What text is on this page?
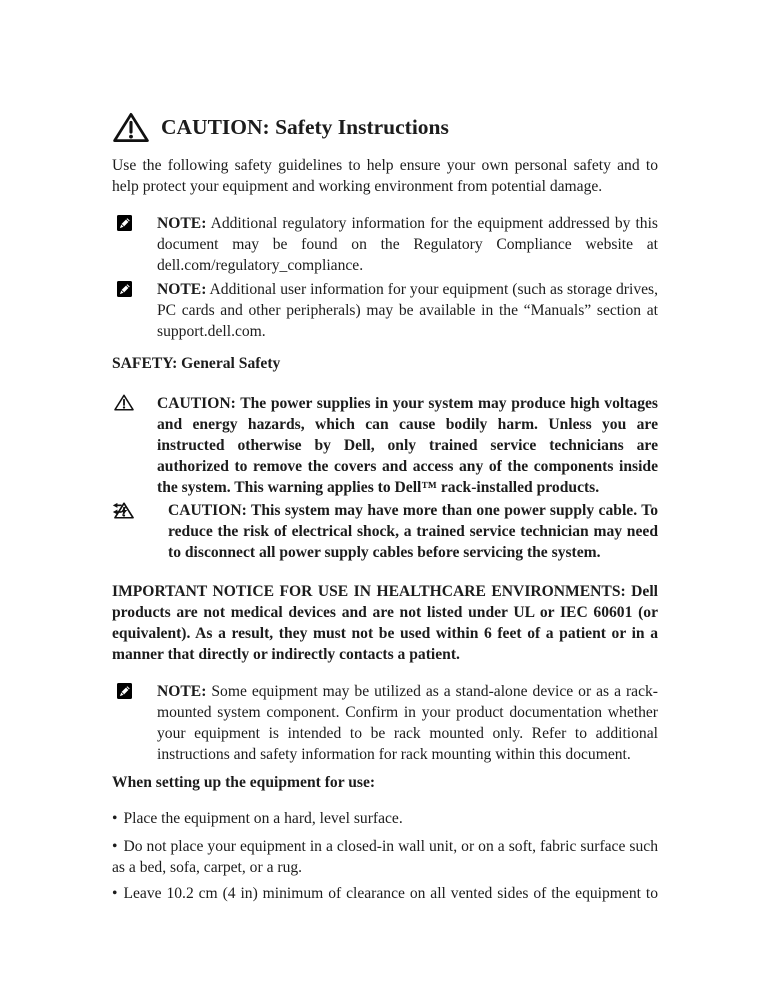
CAUTION: Safety Instructions

Use the following safety guidelines to help ensure your own personal safety and to help protect your equipment and working environment from potential damage.

NOTE: Additional regulatory information for the equipment addressed by this document may be found on the Regulatory Compliance website at dell.com/regulatory_compliance.

NOTE: Additional user information for your equipment (such as storage drives, PC cards and other peripherals) may be available in the “Manuals” section at support.dell.com.

SAFETY: General Safety

CAUTION: The power supplies in your system may produce high voltages and energy hazards, which can cause bodily harm. Unless you are instructed otherwise by Dell, only trained service technicians are authorized to remove the covers and access any of the components inside the system. This warning applies to Dell™ rack-installed products.

CAUTION: This system may have more than one power supply cable. To reduce the risk of electrical shock, a trained service technician may need to disconnect all power supply cables before servicing the system.

IMPORTANT NOTICE FOR USE IN HEALTHCARE ENVIRONMENTS: Dell products are not medical devices and are not listed under UL or IEC 60601 (or equivalent). As a result, they must not be used within 6 feet of a patient or in a manner that directly or indirectly contacts a patient.

NOTE: Some equipment may be utilized as a stand-alone device or as a rack-mounted system component. Confirm in your product documentation whether your equipment is intended to be rack mounted only. Refer to additional instructions and safety information for rack mounting within this document.

When setting up the equipment for use:

• Place the equipment on a hard, level surface.

• Do not place your equipment in a closed-in wall unit, or on a soft, fabric surface such as a bed, sofa, carpet, or a rug.

• Leave 10.2 cm (4 in) minimum of clearance on all vented sides of the equipment to
